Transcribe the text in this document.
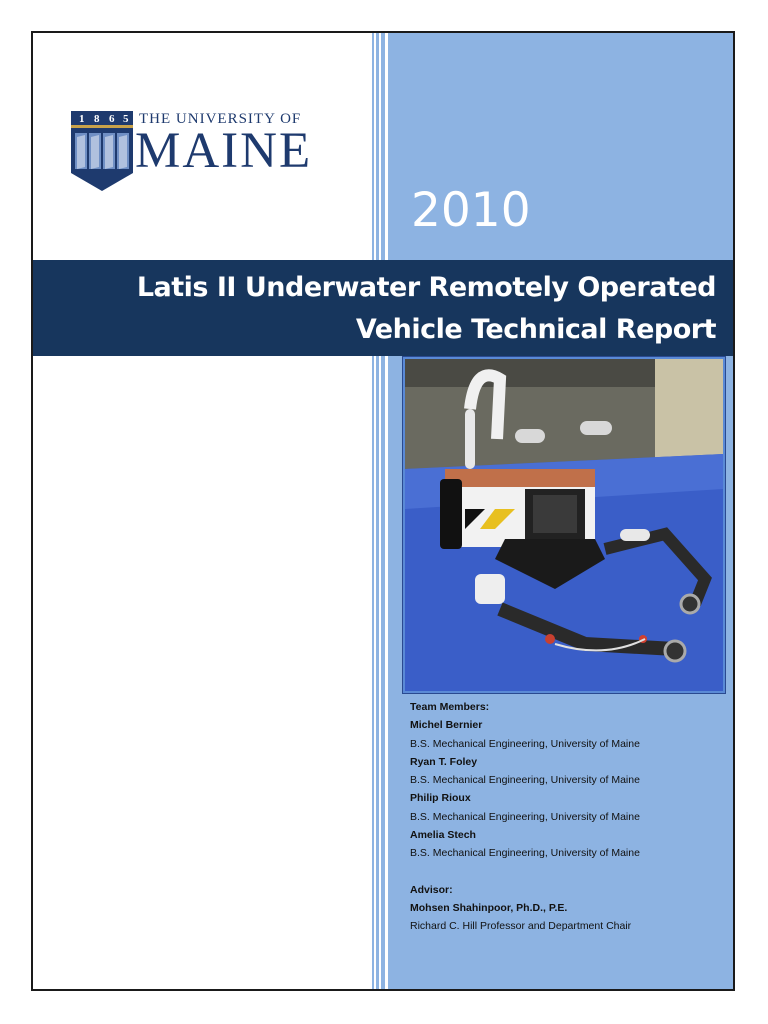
1 8 6 5 THE UNIVERSITY OF
MAINE
2010
Latis II Underwater Remotely Operated
Vehicle Technical Report
Team Members:
Michel Bernier
B.S. Mechanical Engineering, University of Maine
Ryan T. Foley
B.S. Mechanical Engineering, University of Maine
Philip Rioux
B.S. Mechanical Engineering, University of Maine
Amelia Stech
B.S. Mechanical Engineering, University of Maine
Advisor:
Mohsen Shahinpoor, Ph.D., P.E.
Richard C. Hill Professor and Department Chair
